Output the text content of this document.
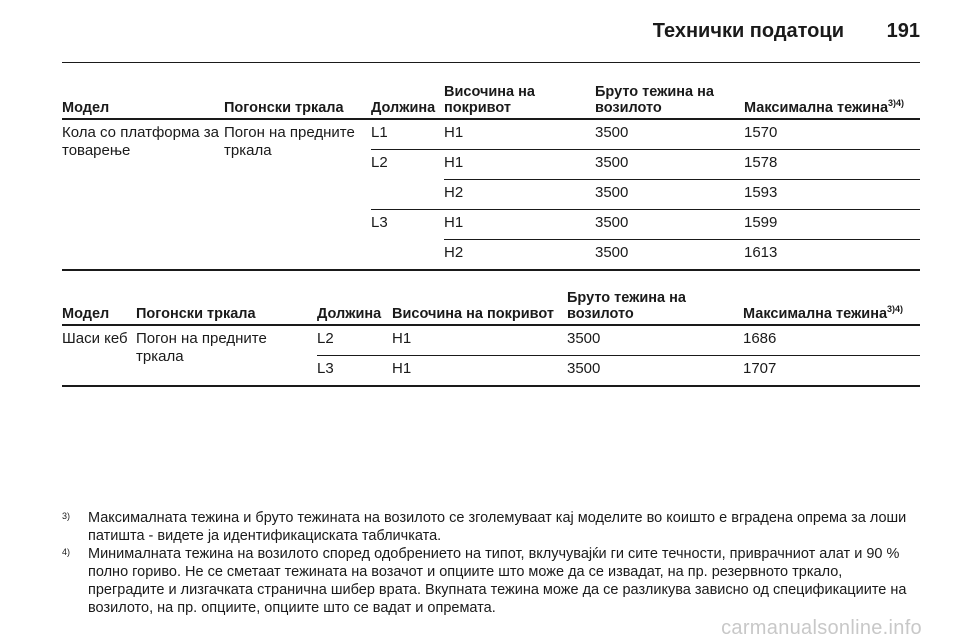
Технички податоци 191
Модел	Погонски тркала	Должина	Височина на покривот	Бруто тежина на возилото	Максимална тежина$^{3)4)}$
Кола со платформа за товарење	Погон на предните тркала	L1	H1	3500	1570
		L2	H1	3500	1578
			H2	3500	1593
		L3	H1	3500	1599
			H2	3500	1613
Модел	Погонски тркала	Должина	Височина на покривот	Бруто тежина на возилото	Максимална тежина$^{3)4)}$
Шаси кеб	Погон на предните тркала	L2	H1	3500	1686
		L3	H1	3500	1707
3) Максималната тежина и бруто тежината на возилото се зголемуваат кај моделите во коишто е вградена опрема за лоши патишта - видете ја идентификациската табличката.
4) Минималната тежина на возилото според одобрението на типот, вклучувајќи ги сите течности, приврачниот алат и 90 % полно гориво. Не се сметаат тежината на возачот и опциите што може да се извадат, на пр. резервното тркало, преградите и лизгачката странична шибер врата. Вкупната тежина може да се разликува зависно од спецификациите на возилото, на пр. опциите, опциите што се вадат и опремата.
carmanualsonline.info
